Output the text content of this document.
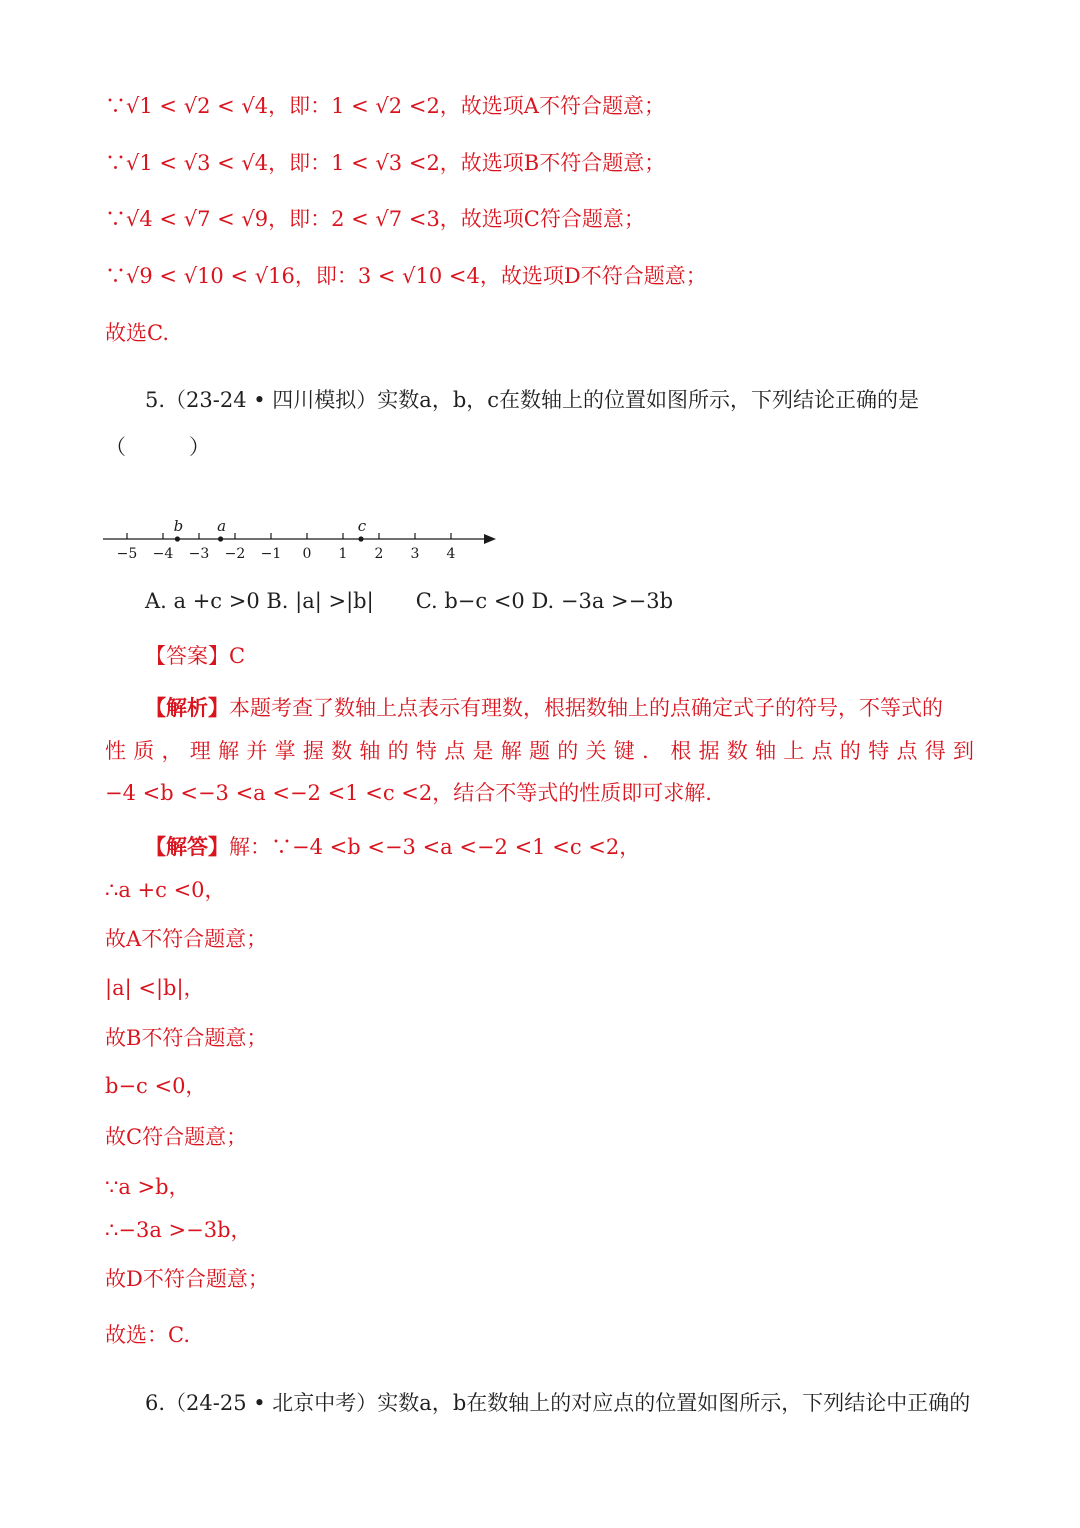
∵√1 < √2 < √4，即：1 < √2 <2，故选项A不符合题意；
∵√1 < √3 < √4，即：1 < √3 <2，故选项B不符合题意；
∵√4 < √7 < √9，即：2 < √7 <3，故选项C符合题意；
∵√9 < √10 < √16，即：3 < √10 <4，故选项D不符合题意；
故选C.
5.（23-24 • 四川模拟）实数a，b，c在数轴上的位置如图所示，下列结论正确的是
（　　　）
−5 −4 −3 −2 −1 0 1 2 3 4
b a	c
A. a +c >0 B. |a| >|b|　　C. b−c <0 D. −3a >−3b
【答案】C
【解析】本题考查了数轴上点表示有理数，根据数轴上的点确定式子的符号，不等式的
性质，理解并掌握数轴的特点是解题的关键．根据数轴上点的特点得到
−4 <b <−3 <a <−2 <1 <c <2，结合不等式的性质即可求解.
【解答】解：∵−4 <b <−3 <a <−2 <1 <c <2，
∴a +c <0，
故A不符合题意；
|a| <|b|，
故B不符合题意；
b−c <0，
故C符合题意；
∵a >b，
∴−3a >−3b，
故D不符合题意；
故选：C.
6.（24-25 • 北京中考）实数a，b在数轴上的对应点的位置如图所示，下列结论中正确的
